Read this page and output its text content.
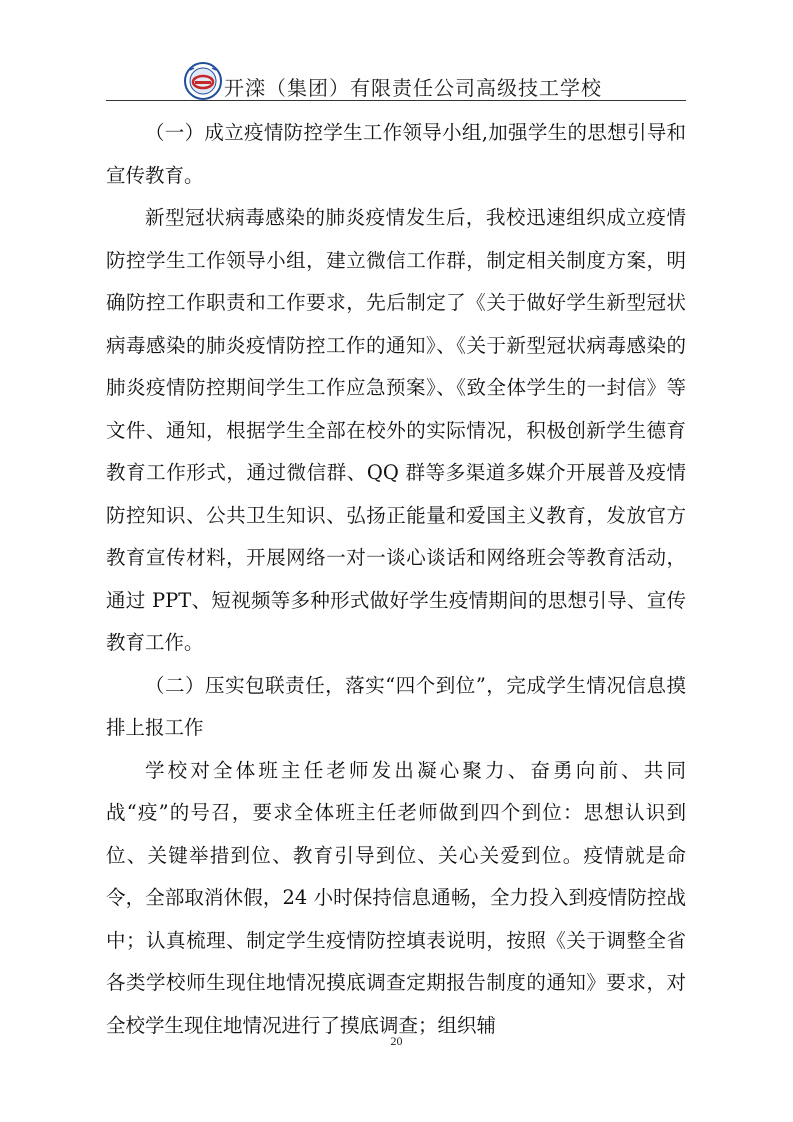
开滦（集团）有限责任公司高级技工学校

（一）成立疫情防控学生工作领导小组,加强学生的思想引导和宣传教育。

新型冠状病毒感染的肺炎疫情发生后，我校迅速组织成立疫情防控学生工作领导小组，建立微信工作群，制定相关制度方案，明确防控工作职责和工作要求，先后制定了《关于做好学生新型冠状病毒感染的肺炎疫情防控工作的通知》、《关于新型冠状病毒感染的肺炎疫情防控期间学生工作应急预案》、《致全体学生的一封信》等文件、通知，根据学生全部在校外的实际情况，积极创新学生德育教育工作形式，通过微信群、QQ 群等多渠道多媒介开展普及疫情防控知识、公共卫生知识、弘扬正能量和爱国主义教育，发放官方教育宣传材料，开展网络一对一谈心谈话和网络班会等教育活动，通过 PPT、短视频等多种形式做好学生疫情期间的思想引导、宣传教育工作。

（二）压实包联责任，落实“四个到位”，完成学生情况信息摸排上报工作

学校对全体班主任老师发出凝心聚力、奋勇向前、共同战“疫”的号召，要求全体班主任老师做到四个到位：思想认识到位、关键举措到位、教育引导到位、关心关爱到位。疫情就是命令，全部取消休假，24 小时保持信息通畅，全力投入到疫情防控战中；认真梳理、制定学生疫情防控填表说明，按照《关于调整全省各类学校师生现住地情况摸底调查定期报告制度的通知》要求，对全校学生现住地情况进行了摸底调查；组织辅

20
